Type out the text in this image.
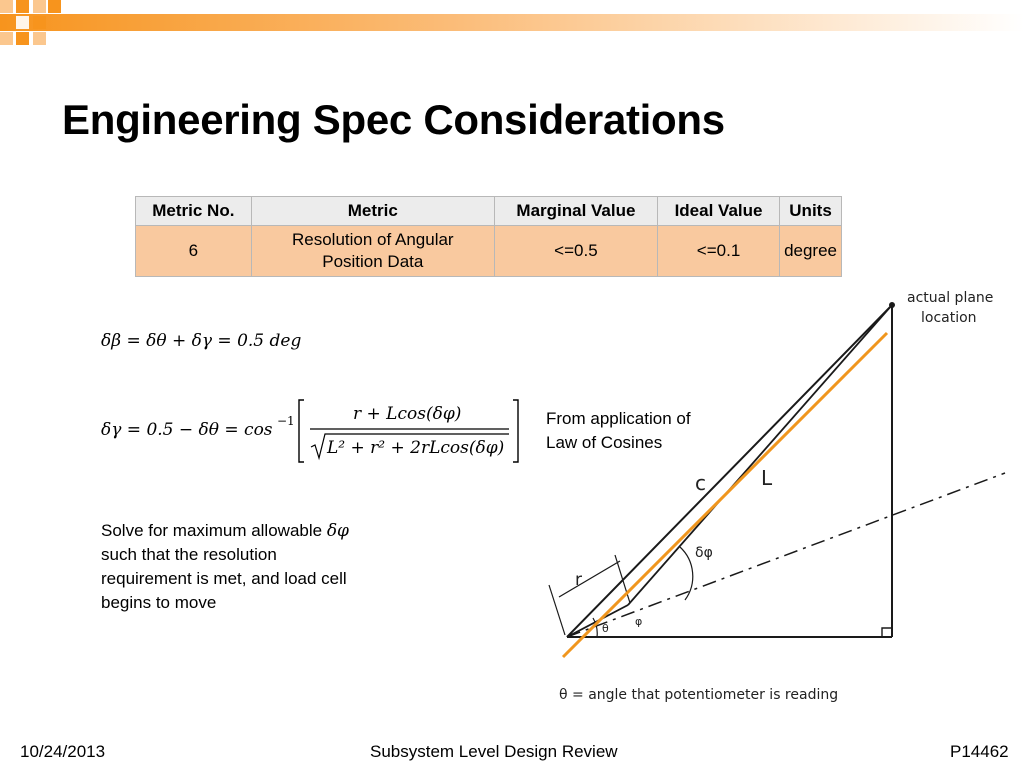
Engineering Spec Considerations
Metric No.	Metric	Marginal Value	Ideal Value	Units
6	Resolution of Angular
Position Data	<=0.5	<=0.1	degree
δβ = δθ + δγ = 0.5 deg
δγ = 0.5 − δθ = cos −1	r + Lcos(δφ)
L² + r² + 2rLcos(δφ)
From application of
Law of Cosines
Solve for maximum allowable δφ
such that the resolution
requirement is met, and load cell
begins to move
actual plane
location
c	L
r
δφ
θ
φ
θ = angle that potentiometer is reading
10/24/2013	Subsystem Level Design Review	P14462
